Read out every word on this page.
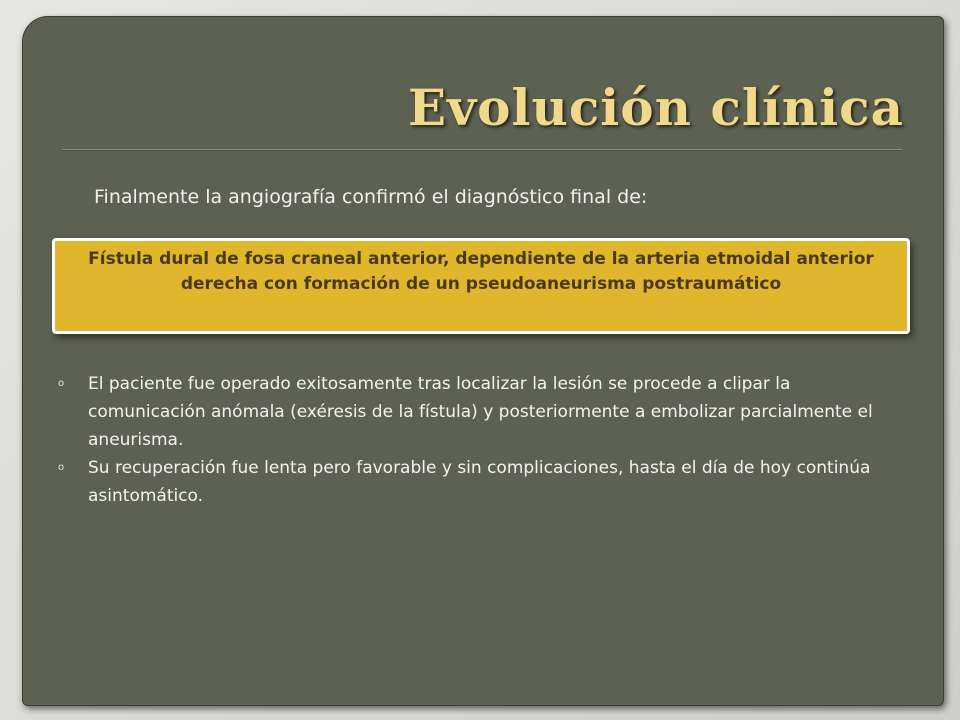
Evolución clínica

Finalmente la angiografía confirmó el diagnóstico final de:

Fístula dural de fosa craneal anterior, dependiente de la arteria etmoidal anterior derecha con formación de un pseudoaneurisma postraumático
o El paciente fue operado exitosamente tras localizar la lesión se procede a clipar la comunicación anómala (exéresis de la fístula) y posteriormente a embolizar parcialmente el aneurisma.
o Su recuperación fue lenta pero favorable y sin complicaciones, hasta el día de hoy continúa asintomático.
